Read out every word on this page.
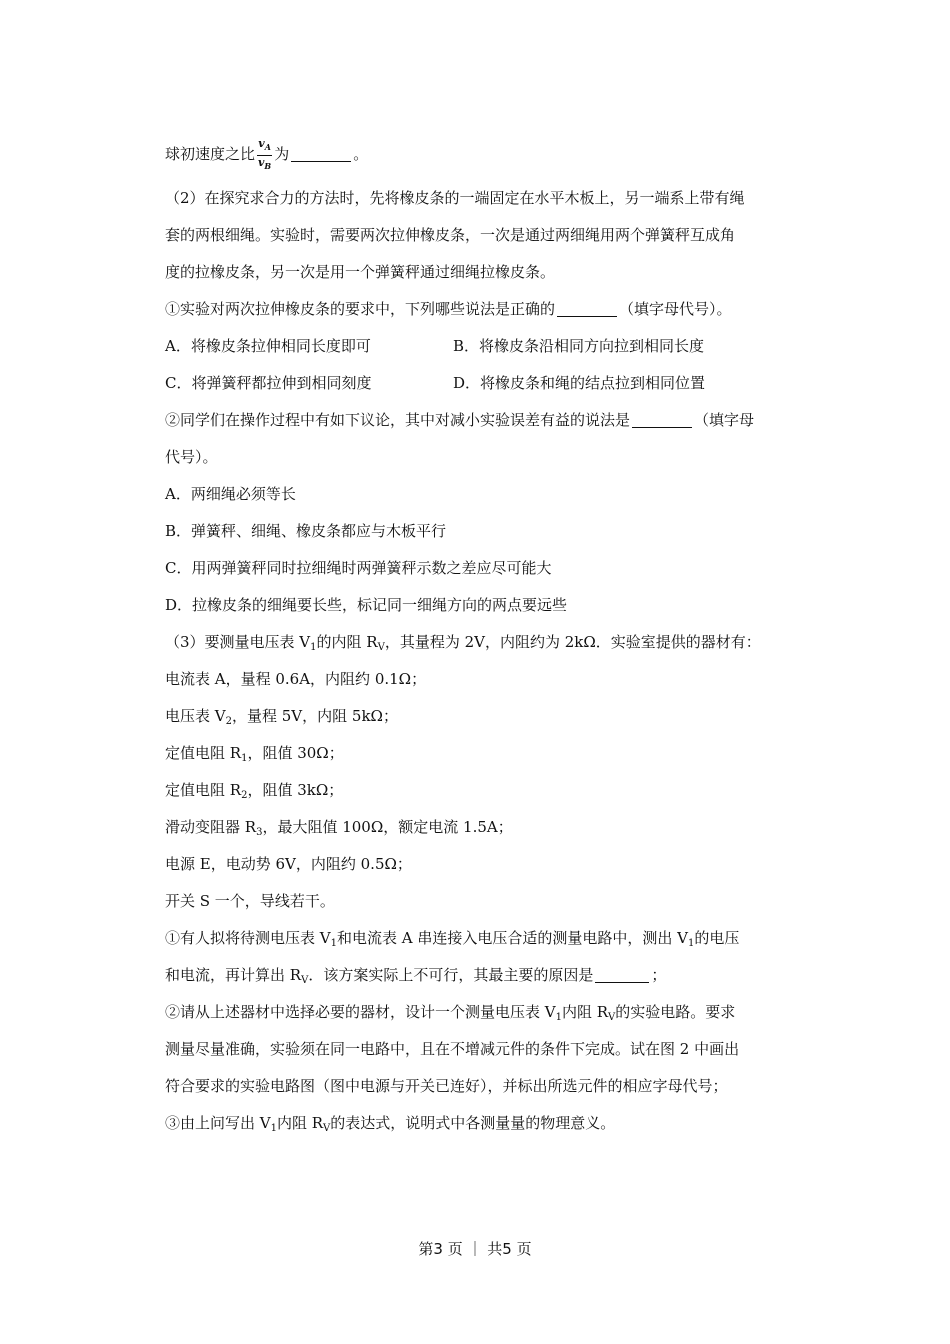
球初速度之比 $\frac{v_A}{v_B}$ 为	。
（2）在探究求合力的方法时，先将橡皮条的一端固定在水平木板上，另一端系上带有绳
套的两根细绳。实验时，需要两次拉伸橡皮条，一次是通过两细绳用两个弹簧秤互成角
度的拉橡皮条，另一次是用一个弹簧秤通过细绳拉橡皮条。
①实验对两次拉伸橡皮条的要求中，下列哪些说法是正确的	（填字母代号）。
A．将橡皮条拉伸相同长度即可	B．将橡皮条沿相同方向拉到相同长度
C．将弹簧秤都拉伸到相同刻度	D．将橡皮条和绳的结点拉到相同位置
②同学们在操作过程中有如下议论，其中对减小实验误差有益的说法是	（填字母
代号）。
A．两细绳必须等长
B．弹簧秤、细绳、橡皮条都应与木板平行
C．用两弹簧秤同时拉细绳时两弹簧秤示数之差应尽可能大
D．拉橡皮条的细绳要长些，标记同一细绳方向的两点要远些
（3）要测量电压表 $V_1$的内阻 $R_V$，其量程为 2V，内阻约为 2kΩ．实验室提供的器材有：
电流表 A，量程 0.6A，内阻约 0.1Ω；
电压表 $V_2$，量程 5V，内阻 5kΩ；
定值电阻 $R_1$，阻值 30Ω；
定值电阻 $R_2$，阻值 3kΩ；
滑动变阻器 $R_3$，最大阻值 100Ω，额定电流 1.5A；
电源 E，电动势 6V，内阻约 0.5Ω；
开关 S 一个，导线若干。
①有人拟将待测电压表 $V_1$和电流表 A 串连接入电压合适的测量电路中，测出 $V_1$的电压
和电流，再计算出 $R_V$．该方案实际上不可行，其最主要的原因是	；
②请从上述器材中选择必要的器材，设计一个测量电压表 $V_1$内阻 $R_V$的实验电路。要求
测量尽量准确，实验须在同一电路中，且在不增减元件的条件下完成。试在图 2 中画出
符合要求的实验电路图（图中电源与开关已连好），并标出所选元件的相应字母代号；
③由上问写出 $V_1$内阻 $R_V$的表达式，说明式中各测量量的物理意义。
第3 页 ｜ 共5 页
